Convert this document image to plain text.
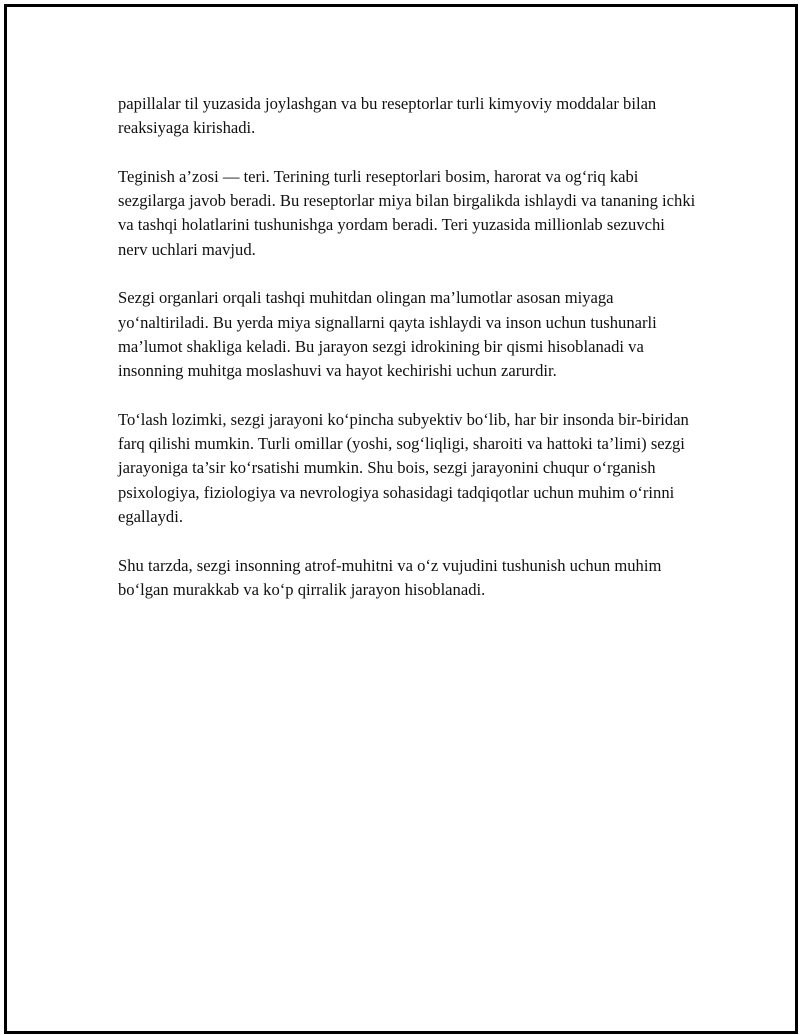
papillalar til yuzasida joylashgan va bu reseptorlar turli kimyoviy moddalar bilan reaksiyaga kirishadi.

Teginish a’zosi — teri. Terining turli reseptorlari bosim, harorat va og‘riq kabi sezgilarga javob beradi. Bu reseptorlar miya bilan birgalikda ishlaydi va tananing ichki va tashqi holatlarini tushunishga yordam beradi. Teri yuzasida millionlab sezuvchi nerv uchlari mavjud.

Sezgi organlari orqali tashqi muhitdan olingan ma’lumotlar asosan miyaga yo‘naltiriladi. Bu yerda miya signallarni qayta ishlaydi va inson uchun tushunarli ma’lumot shakliga keladi. Bu jarayon sezgi idrokining bir qismi hisoblanadi va insonning muhitga moslashuvi va hayot kechirishi uchun zarurdir.

To‘lash lozimki, sezgi jarayoni ko‘pincha subyektiv bo‘lib, har bir insonda bir-biridan farq qilishi mumkin. Turli omillar (yoshi, sog‘liqligi, sharoiti va hattoki ta’limi) sezgi jarayoniga ta’sir ko‘rsatishi mumkin. Shu bois, sezgi jarayonini chuqur o‘rganish psixologiya, fiziologiya va nevrologiya sohasidagi tadqiqotlar uchun muhim o‘rinni egallaydi.

Shu tarzda, sezgi insonning atrof-muhitni va o‘z vujudini tushunish uchun muhim bo‘lgan murakkab va ko‘p qirralik jarayon hisoblanadi.
